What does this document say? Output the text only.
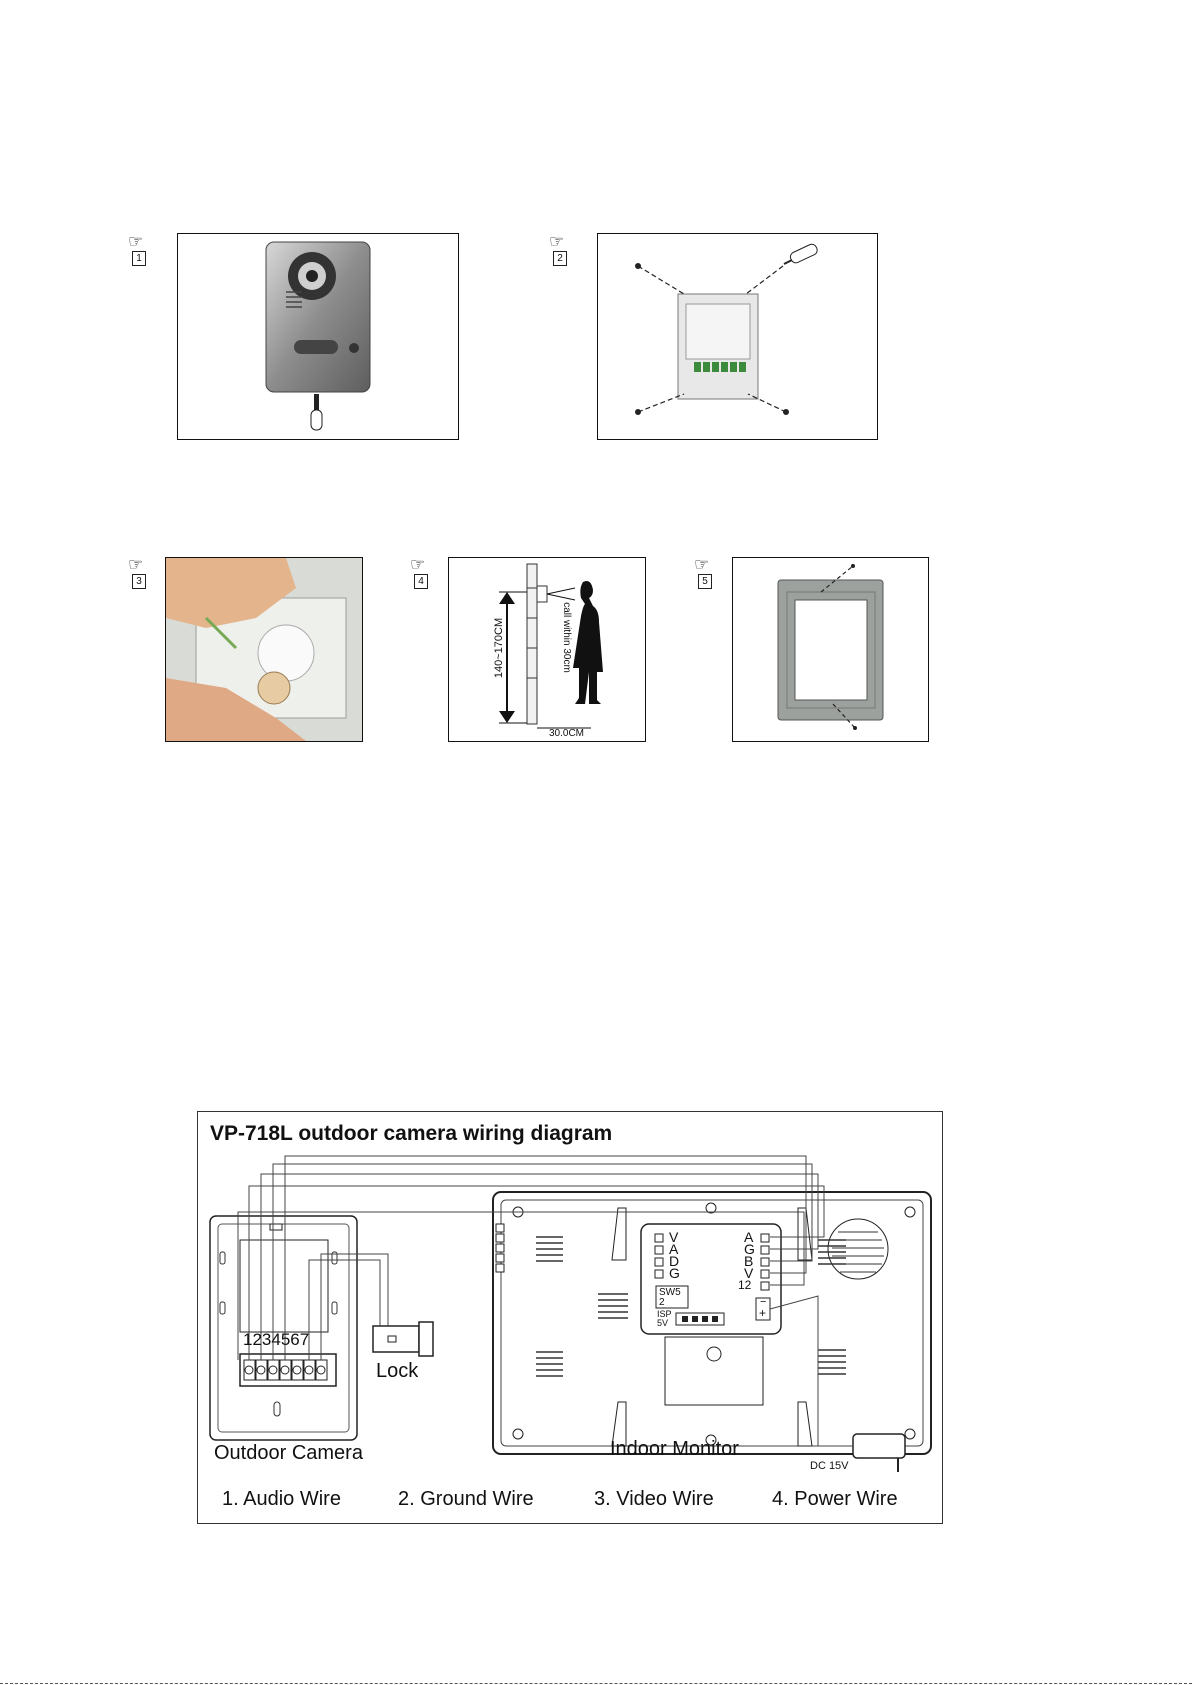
☞
1
☞
2
☞
3
☞
4
140~170CM	call within 30cm
30.0CM
☞
5
VP-718L outdoor camera wiring diagram
1234567
Lock
Outdoor Camera	Indoor Monitor
DC 15V
V
A
D
G
A
G
B
V
12
SW5
2
ISP
5V
−
+
1. Audio Wire	2. Ground Wire	3. Video Wire	4. Power Wire
